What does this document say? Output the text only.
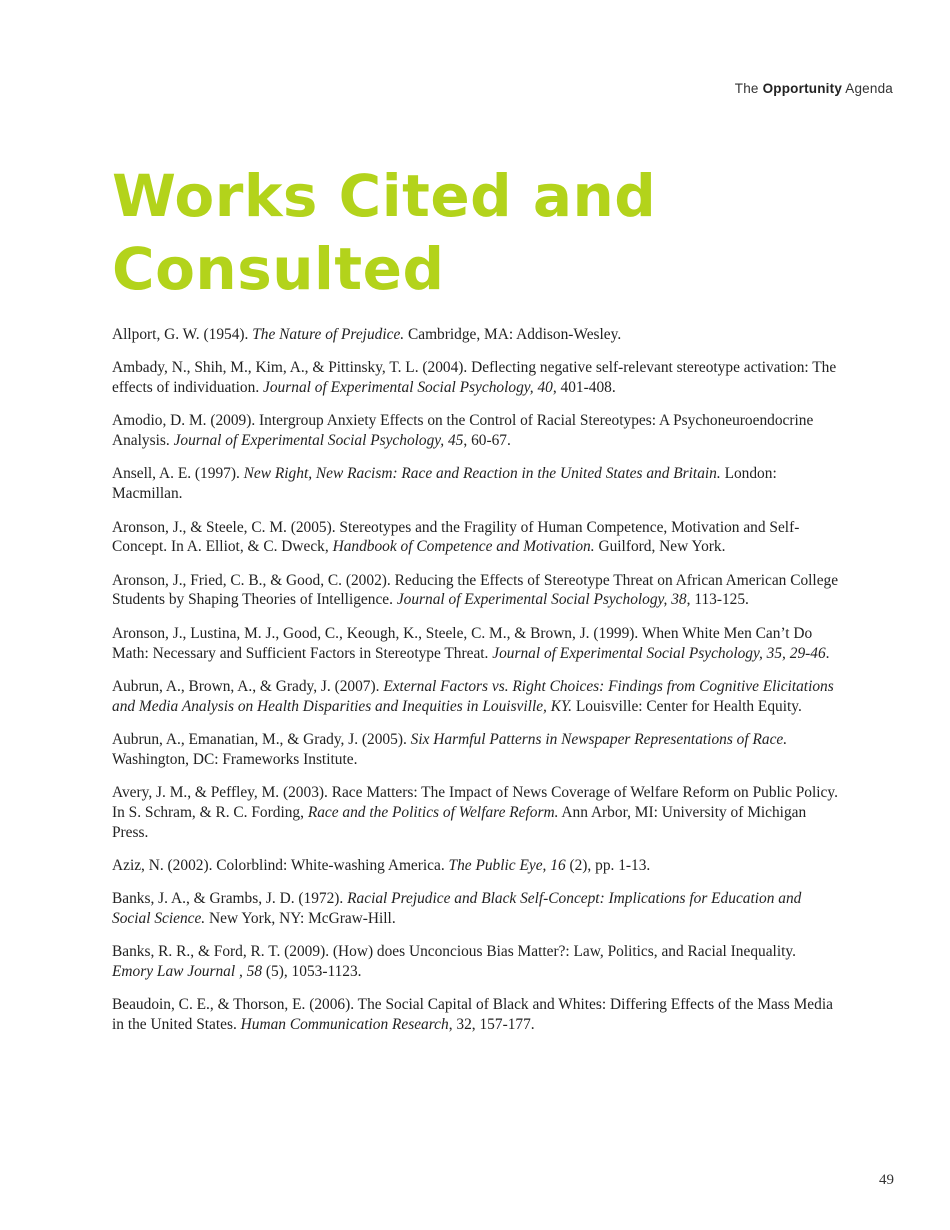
The Opportunity Agenda
Works Cited and
Consulted
Allport, G. W. (1954). The Nature of Prejudice. Cambridge, MA: Addison-Wesley.
Ambady, N., Shih, M., Kim, A., & Pittinsky, T. L. (2004). Deflecting negative self-relevant stereotype activation: The effects of individuation. Journal of Experimental Social Psychology, 40, 401-408.
Amodio, D. M. (2009). Intergroup Anxiety Effects on the Control of Racial Stereotypes: A Psychoneuroendocrine Analysis. Journal of Experimental Social Psychology, 45, 60-67.
Ansell, A. E. (1997). New Right, New Racism: Race and Reaction in the United States and Britain. London: Macmillan.
Aronson, J., & Steele, C. M. (2005). Stereotypes and the Fragility of Human Competence, Motivation and Self-Concept. In A. Elliot, & C. Dweck, Handbook of Competence and Motivation. Guilford, New York.
Aronson, J., Fried, C. B., & Good, C. (2002). Reducing the Effects of Stereotype Threat on African American College Students by Shaping Theories of Intelligence. Journal of Experimental Social Psychology, 38, 113-125.
Aronson, J., Lustina, M. J., Good, C., Keough, K., Steele, C. M., & Brown, J. (1999). When White Men Can’t Do Math: Necessary and Sufficient Factors in Stereotype Threat. Journal of Experimental Social Psychology, 35, 29-46.
Aubrun, A., Brown, A., & Grady, J. (2007). External Factors vs. Right Choices: Findings from Cognitive Elicitations and Media Analysis on Health Disparities and Inequities in Louisville, KY. Louisville: Center for Health Equity.
Aubrun, A., Emanatian, M., & Grady, J. (2005). Six Harmful Patterns in Newspaper Representations of Race. Washington, DC: Frameworks Institute.
Avery, J. M., & Peffley, M. (2003). Race Matters: The Impact of News Coverage of Welfare Reform on Public Policy. In S. Schram, & R. C. Fording, Race and the Politics of Welfare Reform. Ann Arbor, MI: University of Michigan Press.
Aziz, N. (2002). Colorblind: White-washing America. The Public Eye, 16 (2), pp. 1-13.
Banks, J. A., & Grambs, J. D. (1972). Racial Prejudice and Black Self-Concept: Implications for Education and Social Science. New York, NY: McGraw-Hill.
Banks, R. R., & Ford, R. T. (2009). (How) does Unconcious Bias Matter?: Law, Politics, and Racial Inequality. Emory Law Journal , 58 (5), 1053-1123.
Beaudoin, C. E., & Thorson, E. (2006). The Social Capital of Black and Whites: Differing Effects of the Mass Media in the United States. Human Communication Research, 32, 157-177.
49
